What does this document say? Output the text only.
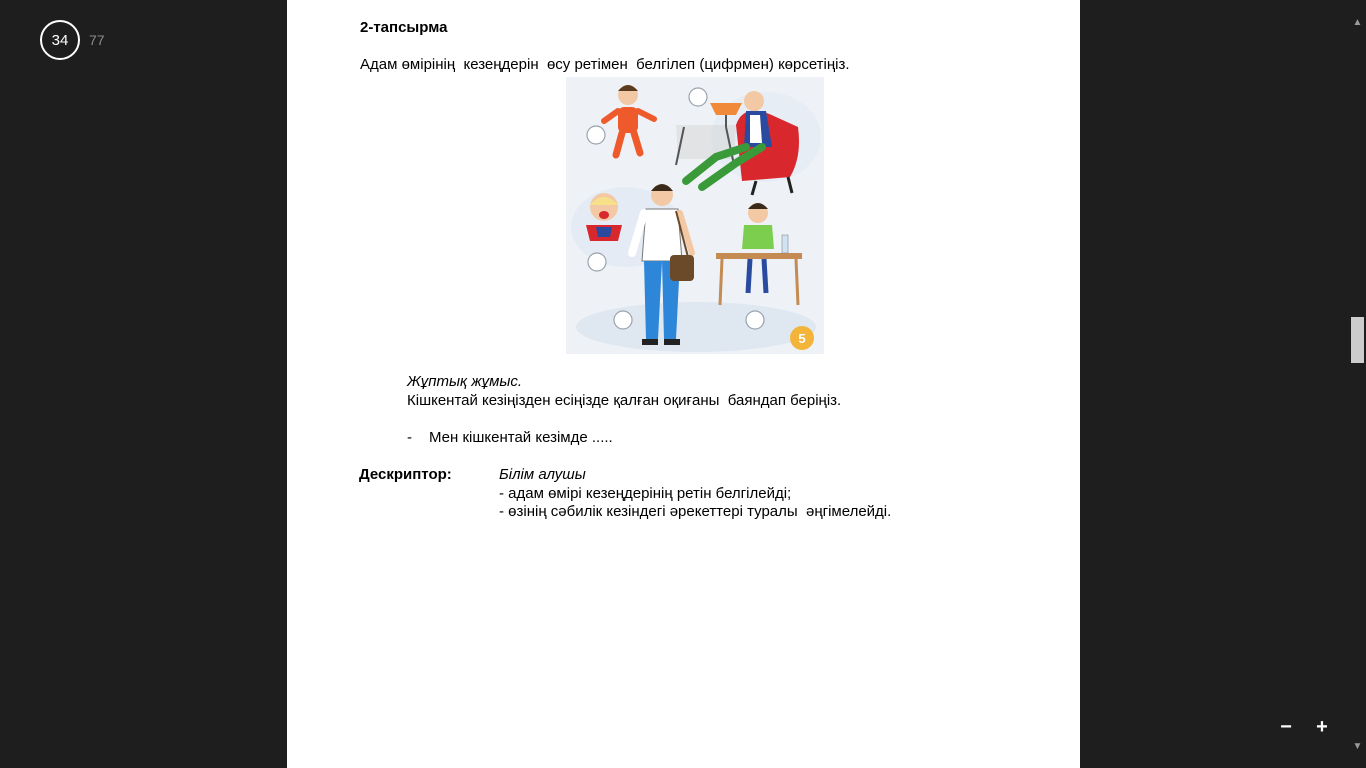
34	77
2-тапсырма
Адам өмірінің  кезеңдерін  өсу ретімен  белгілеп (цифрмен) көрсетіңіз.
5
Жұптық жұмыс.
Кішкентай кезіңізден есіңізде қалған оқиғаны  баяндап беріңіз.
-	Мен кішкентай кезімде .....
Дескриптор:	Білім алушы
- адам өмірі кезеңдерінің ретін белгілейді;
- өзінің сәбилік кезіндегі әрекеттері туралы  әңгімелейді.
▲
▼
− +
